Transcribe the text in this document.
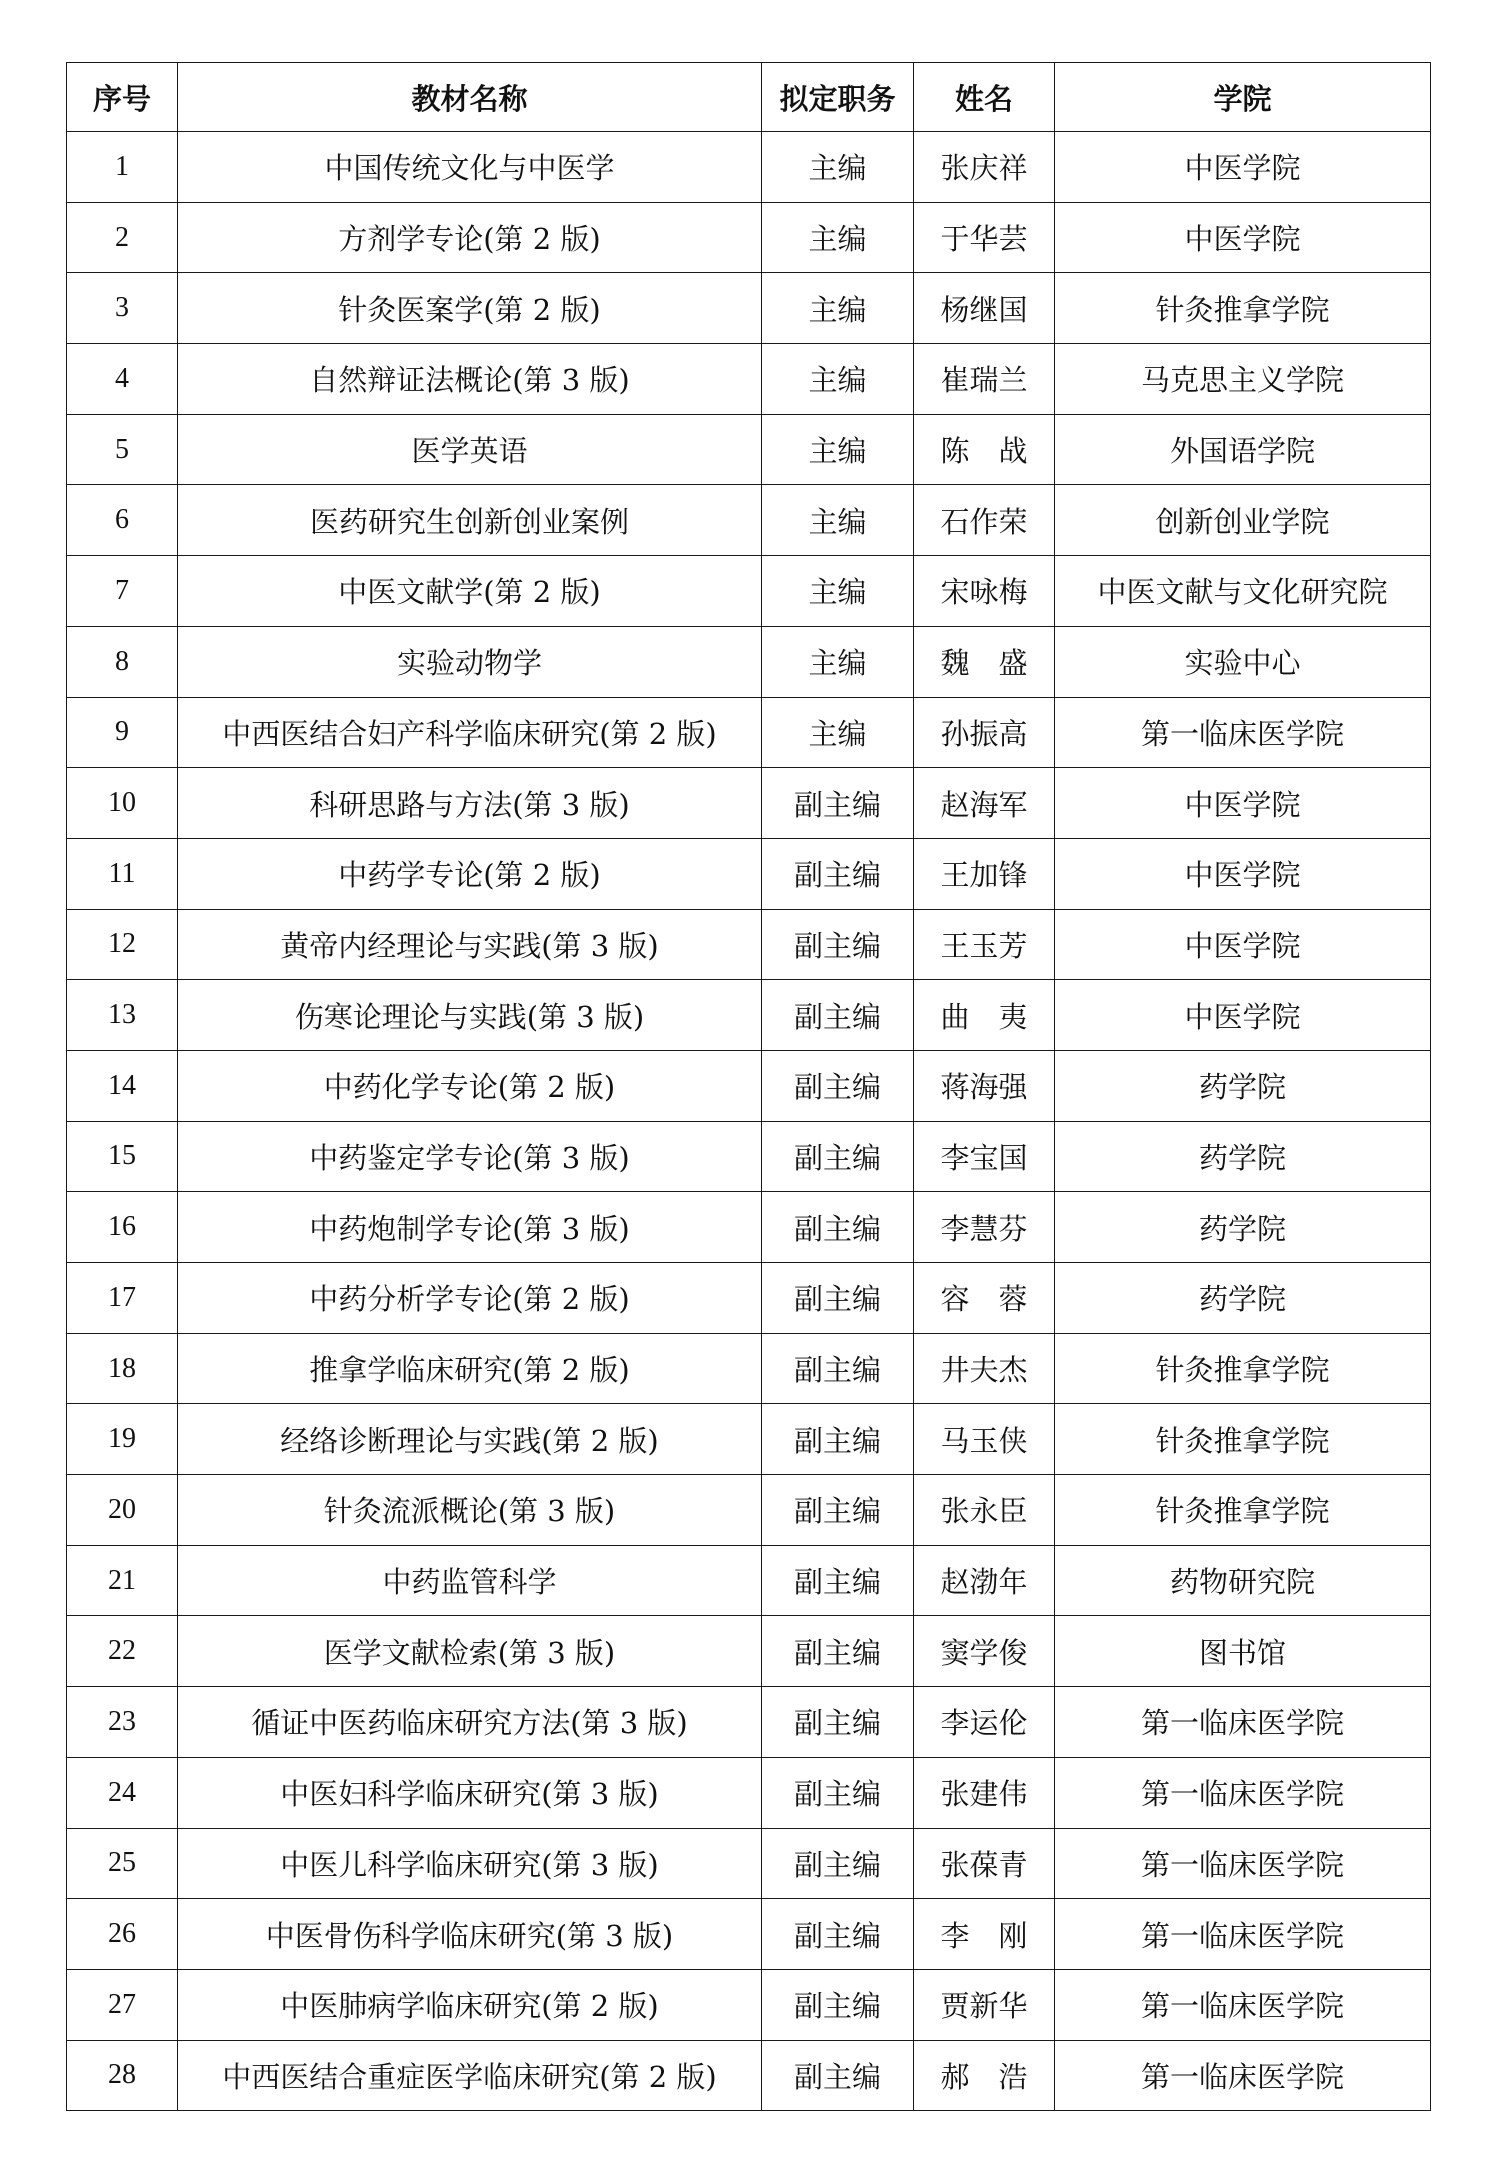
序号	教材名称	拟定职务	姓名	学院
1	中国传统文化与中医学	主编	张庆祥	中医学院
2	方剂学专论(第 2 版)	主编	于华芸	中医学院
3	针灸医案学(第 2 版)	主编	杨继国	针灸推拿学院
4	自然辩证法概论(第 3 版)	主编	崔瑞兰	马克思主义学院
5	医学英语	主编	陈　战	外国语学院
6	医药研究生创新创业案例	主编	石作荣	创新创业学院
7	中医文献学(第 2 版)	主编	宋咏梅	中医文献与文化研究院
8	实验动物学	主编	魏　盛	实验中心
9	中西医结合妇产科学临床研究(第 2 版)	主编	孙振高	第一临床医学院
10	科研思路与方法(第 3 版)	副主编	赵海军	中医学院
11	中药学专论(第 2 版)	副主编	王加锋	中医学院
12	黄帝内经理论与实践(第 3 版)	副主编	王玉芳	中医学院
13	伤寒论理论与实践(第 3 版)	副主编	曲　夷	中医学院
14	中药化学专论(第 2 版)	副主编	蒋海强	药学院
15	中药鉴定学专论(第 3 版)	副主编	李宝国	药学院
16	中药炮制学专论(第 3 版)	副主编	李慧芬	药学院
17	中药分析学专论(第 2 版)	副主编	容　蓉	药学院
18	推拿学临床研究(第 2 版)	副主编	井夫杰	针灸推拿学院
19	经络诊断理论与实践(第 2 版)	副主编	马玉侠	针灸推拿学院
20	针灸流派概论(第 3 版)	副主编	张永臣	针灸推拿学院
21	中药监管科学	副主编	赵渤年	药物研究院
22	医学文献检索(第 3 版)	副主编	窦学俊	图书馆
23	循证中医药临床研究方法(第 3 版)	副主编	李运伦	第一临床医学院
24	中医妇科学临床研究(第 3 版)	副主编	张建伟	第一临床医学院
25	中医儿科学临床研究(第 3 版)	副主编	张葆青	第一临床医学院
26	中医骨伤科学临床研究(第 3 版)	副主编	李　刚	第一临床医学院
27	中医肺病学临床研究(第 2 版)	副主编	贾新华	第一临床医学院
28	中西医结合重症医学临床研究(第 2 版)	副主编	郝　浩	第一临床医学院
